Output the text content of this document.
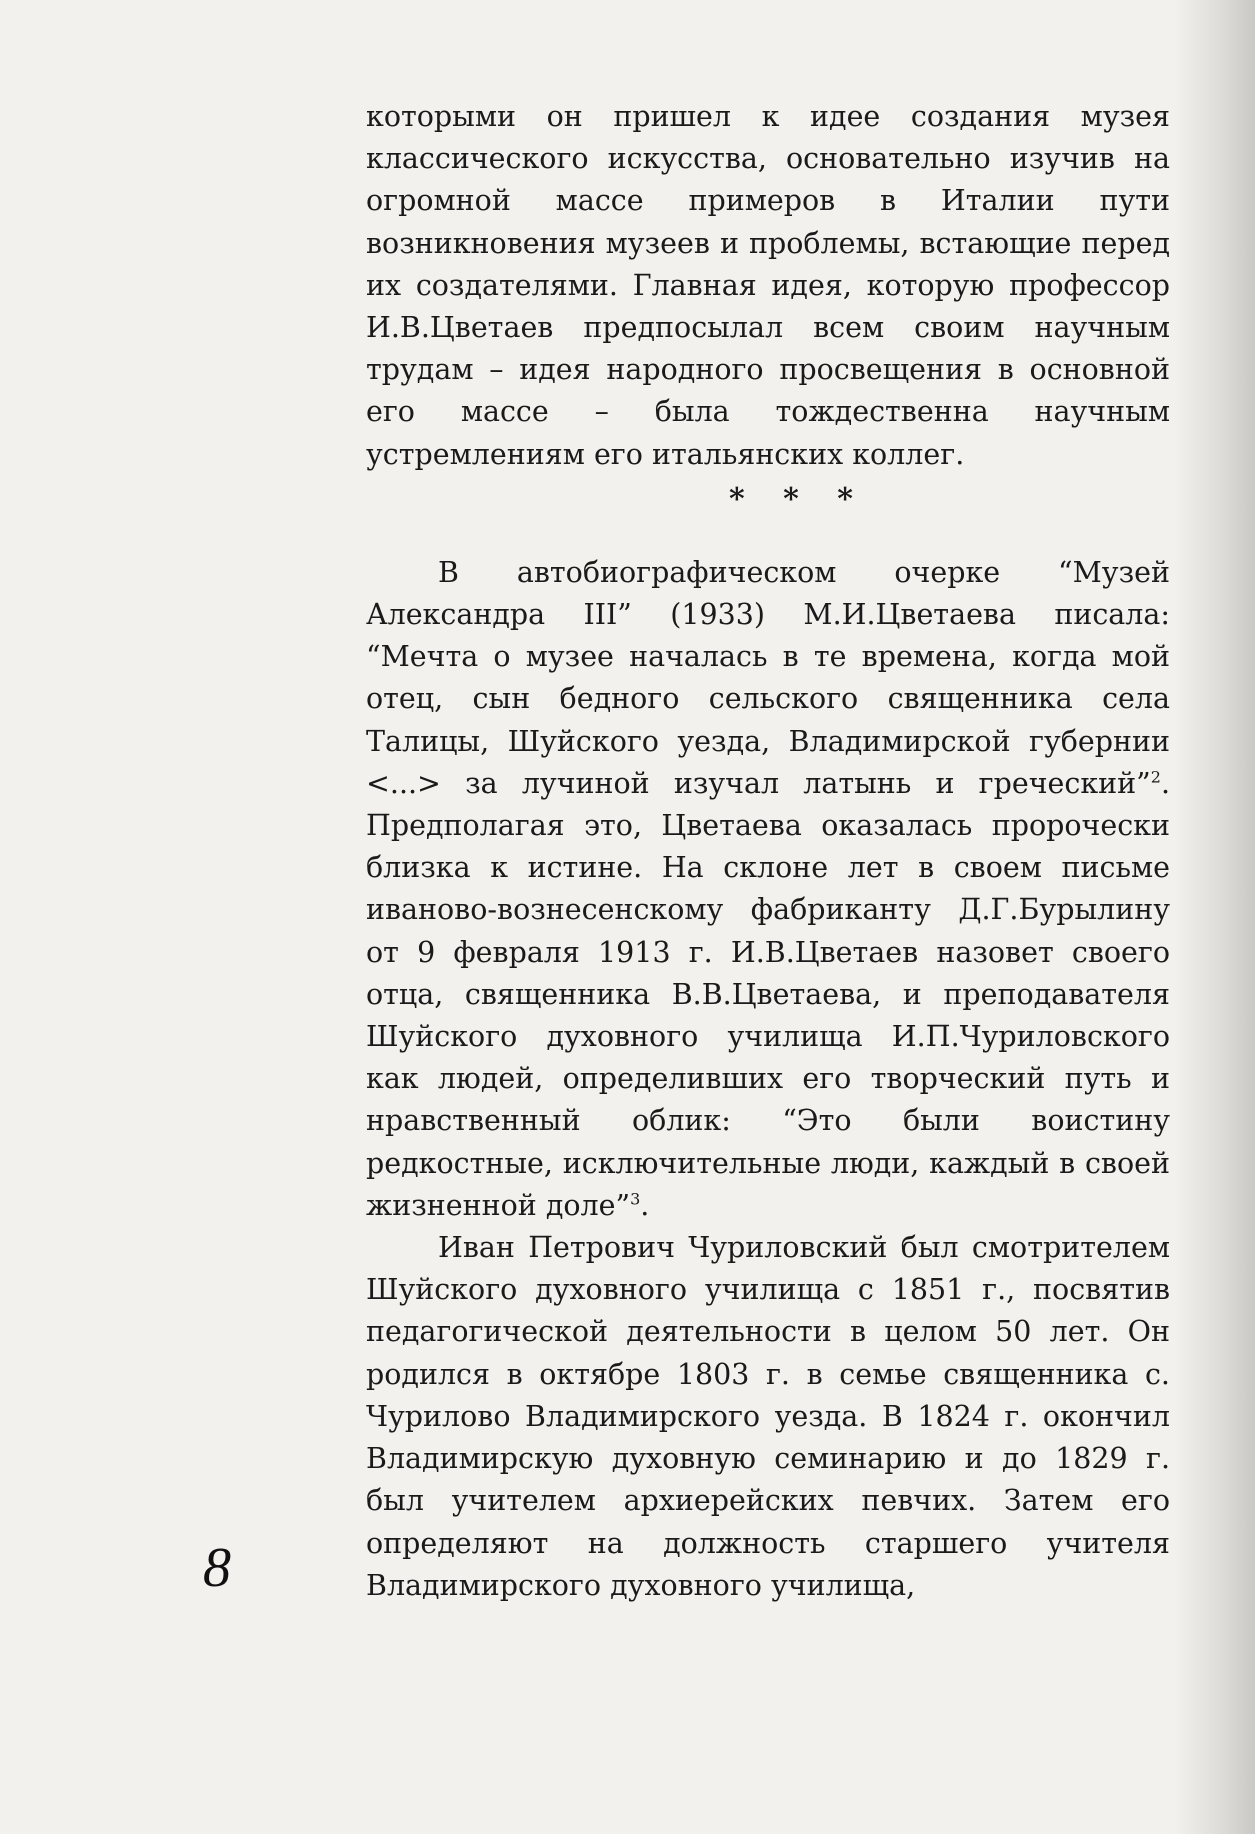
которыми он пришел к идее создания музея классического искусства, основательно изучив на огромной массе примеров в Италии пути возникновения музеев и проблемы, встающие перед их создателями. Главная идея, которую профессор И.В.Цветаев предпосылал всем своим научным трудам – идея народного просвещения в основной его массе – была тождественна научным устремлениям его итальянских коллег.

* * *

В автобиографическом очерке “Музей Александра III” (1933) М.И.Цветаева писала: “Мечта о музее началась в те времена, когда мой отец, сын бедного сельского священника села Талицы, Шуйского уезда, Владимирской губернии <...> за лучиной изучал латынь и греческий”$^2$. Предполагая это, Цветаева оказалась пророчески близка к истине. На склоне лет в своем письме иваново-вознесенскому фабриканту Д.Г.Бурылину от 9 февраля 1913 г. И.В.Цветаев назовет своего отца, священника В.В.Цветаева, и преподавателя Шуйского духовного училища И.П.Чуриловского как людей, определивших его творческий путь и нравственный облик: “Это были воистину редкостные, исключительные люди, каждый в своей жизненной доле”$^3$.

Иван Петрович Чуриловский был смотрителем Шуйского духовного училища с 1851 г., посвятив педагогической деятельности в целом 50 лет. Он родился в октябре 1803 г. в семье священника с. Чурилово Владимирского уезда. В 1824 г. окончил Владимирскую духовную семинарию и до 1829 г. был учителем архиерейских певчих. Затем его определяют на должность старшего учителя Владимирского духовного училища,

8
